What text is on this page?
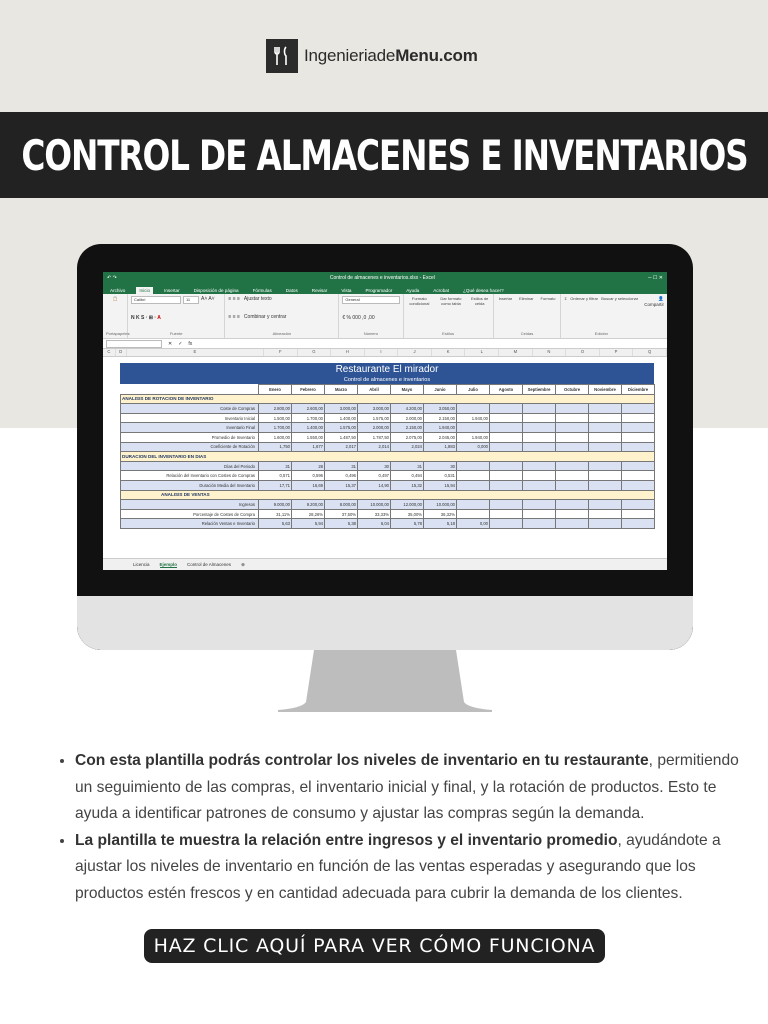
IngenieriadeMenu.com
CONTROL DE ALMACENES E INVENTARIOS
↶ ↷	Control de almacenes e inventarios.xlsx - Excel	─ ☐ ✕
Archivo	Inicio	Insertar	Disposición de página	Fórmulas	Datos	Revisar	Vista	Programador	Ayuda	Acrobat	¿Qué desea hacer?
📋
Portapapeles
Calibri	11	A˄ A˅
N K S · ⊞ · A
Fuente
≡ ≡ ≡ Ajustar texto
≡ ≡ ≡ Combinar y centrar
Alineación
General
€ % 000 ,0 ,00
Número
Formato condicional
Dar formato como tabla
Estilos de celda
Estilos
Insertar Eliminar Formato
Celdas
Σ Ordenar y filtrar Buscar y seleccionar
Edición
👤 Compartir
✕ ✓ fx
C	D	E	F	G	H	I	J	K	L	M	N	O	P	Q
Restaurante El mirador
Control de almacenes e inventarios
	Enero	Febrero	Marzo	Abril	Mayo	Junio	Julio	Agosto	Septiembre	Octubre	Noviembre	Diciembre
ANALISIS DE ROTACION DE INVENTARIO												
Coste de Compras	2.800,00	2.600,00	3.000,00	3.000,00	4.200,00	3.050,00						
Inventario Inicial	1.500,00	1.700,00	1.400,00	1.575,00	2.000,00	2.150,00	1.940,00					
Inventario Final	1.700,00	1.400,00	1.575,00	2.000,00	2.150,00	1.940,00						
Promedio de Inventario	1.600,00	1.550,00	1.487,50	1.787,50	2.075,00	2.045,00	1.940,00					
Coeficiente de Rotación	1,750	1,677	2,017	2,014	2,024	1,883	0,000					
DURACION DEL INVENTARIO EN DIAS												
Días del Periodo	31	28	31	30	31	30						
Relación del Inventario con Costes de Compras	0,571	0,596	0,496	0,497	0,494	0,531						
Duración Media del Inventario	17,71	16,69	15,37	14,90	15,32	15,94						
ANALISIS DE VENTAS												
Ingresos	9.000,00	9.200,00	8.000,00	10.000,00	12.000,00	10.000,00						
Porcentaje de Costes de Compra	31,11%	28,26%	37,50%	33,33%	35,00%	36,32%						
Relación Ventas e Inventario	5,63	5,94	5,38	6,04	5,78	5,18	0,00					
Licencia Ejemplo Control de Almacenes ⊕
• Con esta plantilla podrás controlar los niveles de inventario en tu restaurante, permitiendo un seguimiento de las compras, el inventario inicial y final, y la rotación de productos. Esto te ayuda a identificar patrones de consumo y ajustar las compras según la demanda.
• La plantilla te muestra la relación entre ingresos y el inventario promedio, ayudándote a ajustar los niveles de inventario en función de las ventas esperadas y asegurando que los productos estén frescos y en cantidad adecuada para cubrir la demanda de los clientes.
HAZ CLIC AQUÍ PARA VER CÓMO FUNCIONA
